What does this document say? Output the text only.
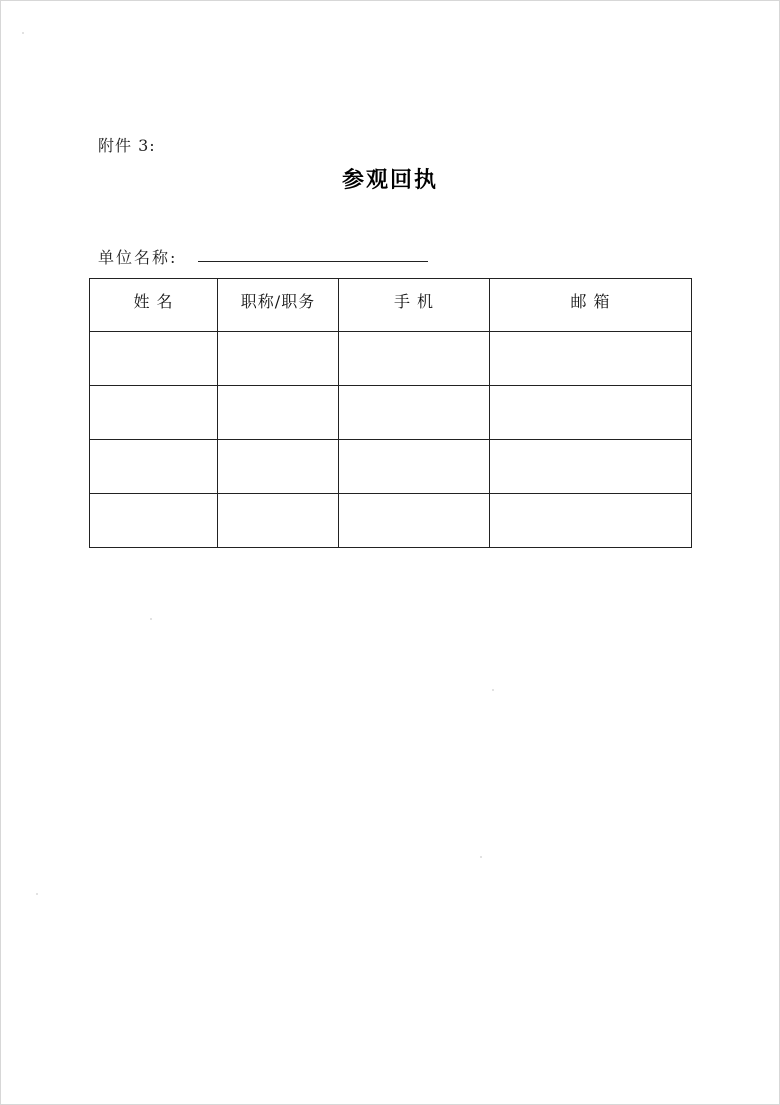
附件 3:
参观回执
单位名称:
姓 名	职称/职务	手 机	邮 箱
